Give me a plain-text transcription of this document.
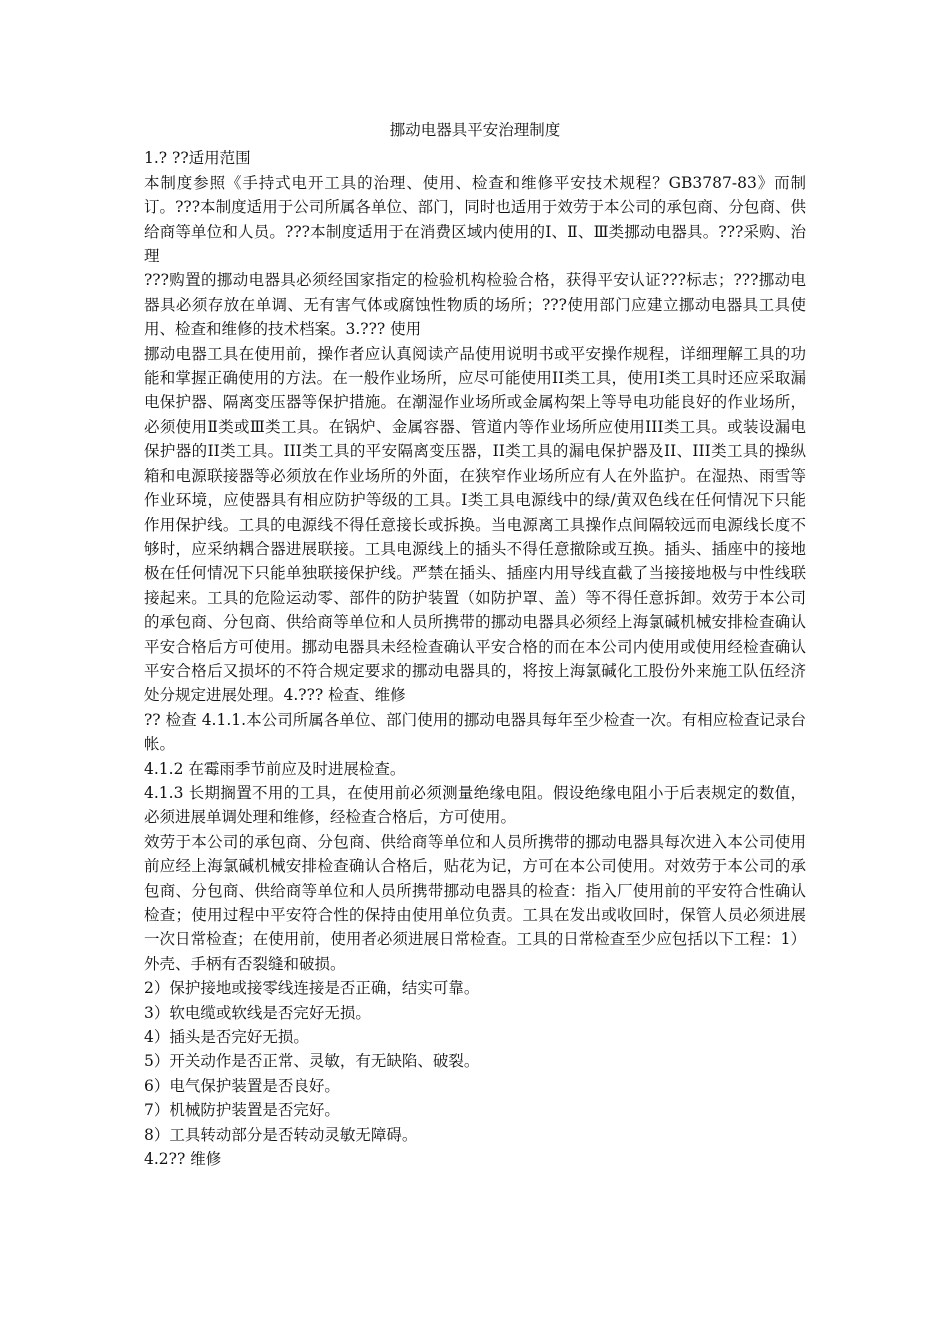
挪动电器具平安治理制度

1.? ??适用范围

本制度参照《手持式电开工具的治理、使用、检查和维修平安技术规程？GB3787-83》而制订。???本制度适用于公司所属各单位、部门，同时也适用于效劳于本公司的承包商、分包商、供给商等单位和人员。???本制度适用于在消费区域内使用的Ⅰ、Ⅱ、Ⅲ类挪动电器具。???采购、治理

???购置的挪动电器具必须经国家指定的检验机构检验合格，获得平安认证???标志；???挪动电器具必须存放在单调、无有害气体或腐蚀性物质的场所；???使用部门应建立挪动电器具工具使用、检查和维修的技术档案。3.??? 使用

挪动电器工具在使用前，操作者应认真阅读产品使用说明书或平安操作规程，详细理解工具的功能和掌握正确使用的方法。在一般作业场所，应尽可能使用II类工具，使用I类工具时还应采取漏电保护器、隔离变压器等保护措施。在潮湿作业场所或金属构架上等导电功能良好的作业场所，必须使用Ⅱ类或Ⅲ类工具。在锅炉、金属容器、管道内等作业场所应使用III类工具。或装设漏电保护器的II类工具。III类工具的平安隔离变压器，II类工具的漏电保护器及II、III类工具的操纵箱和电源联接器等必须放在作业场所的外面，在狭窄作业场所应有人在外监护。在湿热、雨雪等作业环境，应使器具有相应防护等级的工具。I类工具电源线中的绿/黄双色线在任何情况下只能作用保护线。工具的电源线不得任意接长或拆换。当电源离工具操作点间隔较远而电源线长度不够时，应采纳耦合器进展联接。工具电源线上的插头不得任意撤除或互换。插头、插座中的接地极在任何情况下只能单独联接保护线。严禁在插头、插座内用导线直截了当接接地极与中性线联接起来。工具的危险运动零、部件的防护装置（如防护罩、盖）等不得任意拆卸。效劳于本公司的承包商、分包商、供给商等单位和人员所携带的挪动电器具必须经上海氯碱机械安排检查确认平安合格后方可使用。挪动电器具未经检查确认平安合格的而在本公司内使用或使用经检查确认平安合格后又损坏的不符合规定要求的挪动电器具的，将按上海氯碱化工股份外来施工队伍经济处分规定进展处理。4.??? 检查、维修

?? 检查 4.1.1.本公司所属各单位、部门使用的挪动电器具每年至少检查一次。有相应检查记录台帐。

4.1.2 在霉雨季节前应及时进展检查。

4.1.3 长期搁置不用的工具，在使用前必须测量绝缘电阻。假设绝缘电阻小于后表规定的数值，必须进展单调处理和维修，经检查合格后，方可使用。

效劳于本公司的承包商、分包商、供给商等单位和人员所携带的挪动电器具每次进入本公司使用前应经上海氯碱机械安排检查确认合格后，贴花为记，方可在本公司使用。对效劳于本公司的承包商、分包商、供给商等单位和人员所携带挪动电器具的检查：指入厂使用前的平安符合性确认检查；使用过程中平安符合性的保持由使用单位负责。工具在发出或收回时，保管人员必须进展一次日常检查；在使用前，使用者必须进展日常检查。工具的日常检查至少应包括以下工程：1）外壳、手柄有否裂缝和破损。

2）保护接地或接零线连接是否正确，结实可靠。

3）软电缆或软线是否完好无损。

4）插头是否完好无损。

5）开关动作是否正常、灵敏，有无缺陷、破裂。

6）电气保护装置是否良好。

7）机械防护装置是否完好。

8）工具转动部分是否转动灵敏无障碍。

4.2?? 维修
